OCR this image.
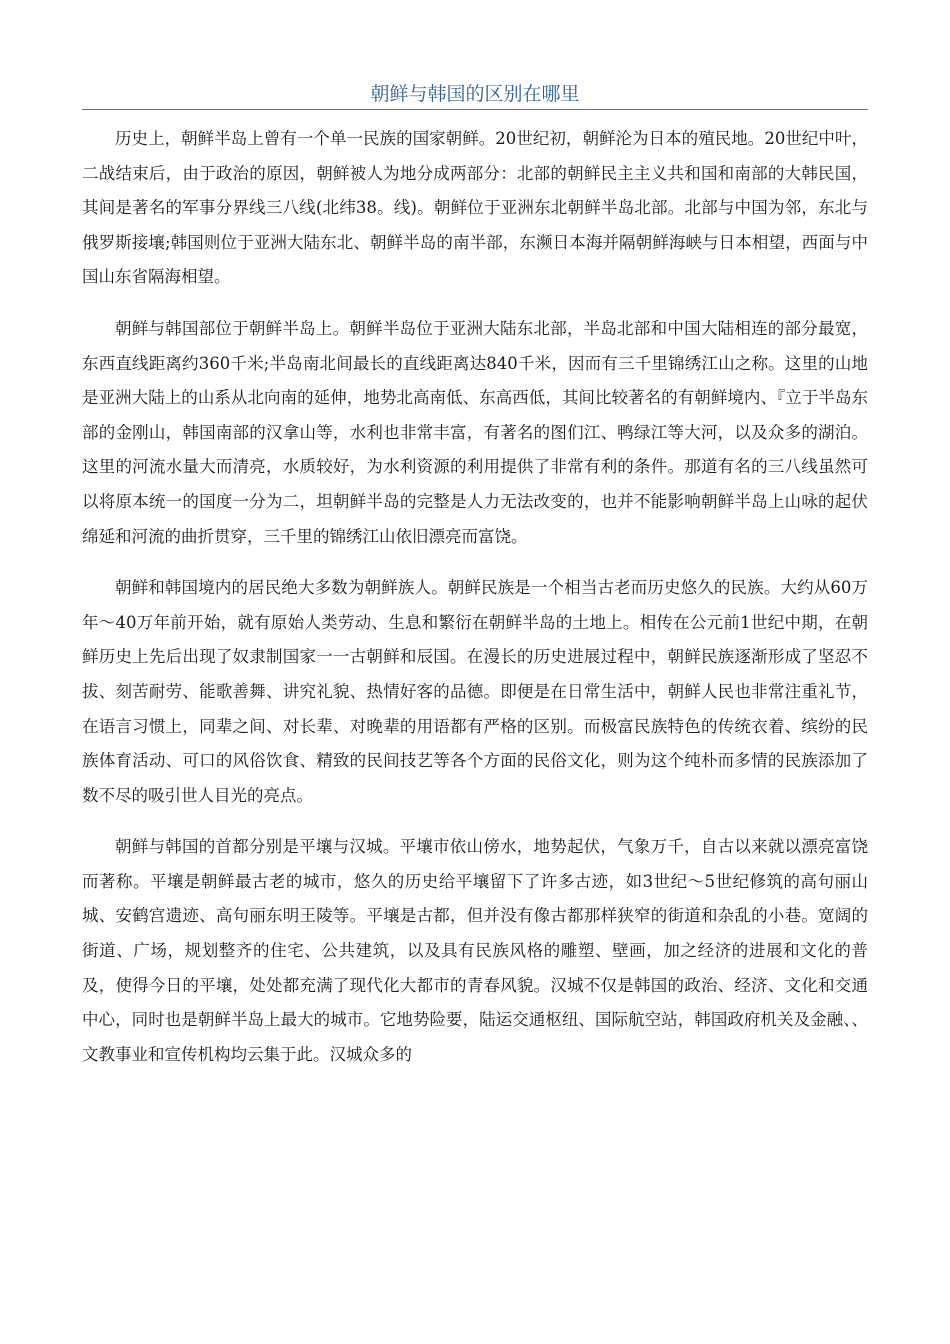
朝鲜与韩国的区别在哪里

历史上，朝鲜半岛上曾有一个单一民族的国家朝鲜。20世纪初，朝鲜沦为日本的殖民地。20世纪中叶，二战结束后，由于政治的原因，朝鲜被人为地分成两部分：北部的朝鲜民主主义共和国和南部的大韩民国，其间是著名的军事分界线三八线(北纬38。线)。朝鲜位于亚洲东北朝鲜半岛北部。北部与中国为邻，东北与俄罗斯接壤;韩国则位于亚洲大陆东北、朝鲜半岛的南半部，东濒日本海并隔朝鲜海峡与日本相望，西面与中国山东省隔海相望。

朝鲜与韩国部位于朝鲜半岛上。朝鲜半岛位于亚洲大陆东北部，半岛北部和中国大陆相连的部分最宽，东西直线距离约360千米;半岛南北间最长的直线距离达840千米，因而有三千里锦绣江山之称。这里的山地是亚洲大陆上的山系从北向南的延伸，地势北高南低、东高西低，其间比较著名的有朝鲜境内、『立于半岛东部的金刚山，韩国南部的汉拿山等，水利也非常丰富，有著名的图们江、鸭绿江等大河，以及众多的湖泊。这里的河流水量大而清亮，水质较好，为水利资源的利用提供了非常有利的条件。那道有名的三八线虽然可以将原本统一的国度一分为二，坦朝鲜半岛的完整是人力无法改变的，也并不能影响朝鲜半岛上山咏的起伏绵延和河流的曲折贯穿，三千里的锦绣江山依旧漂亮而富饶。

朝鲜和韩国境内的居民绝大多数为朝鲜族人。朝鲜民族是一个相当古老而历史悠久的民族。大约从60万年～40万年前开始，就有原始人类劳动、生息和繁衍在朝鲜半岛的土地上。相传在公元前1世纪中期，在朝鲜历史上先后出现了奴隶制国家一一古朝鲜和辰国。在漫长的历史进展过程中，朝鲜民族逐渐形成了坚忍不拔、刻苦耐劳、能歌善舞、讲究礼貌、热情好客的品德。即便是在日常生活中，朝鲜人民也非常注重礼节，在语言习惯上，同辈之间、对长辈、对晚辈的用语都有严格的区别。而极富民族特色的传统衣着、缤纷的民族体育活动、可口的风俗饮食、精致的民间技艺等各个方面的民俗文化，则为这个纯朴而多情的民族添加了数不尽的吸引世人目光的亮点。

朝鲜与韩国的首都分别是平壤与汉城。平壤市依山傍水，地势起伏，气象万千，自古以来就以漂亮富饶而著称。平壤是朝鲜最古老的城市，悠久的历史给平壤留下了许多古迹，如3世纪～5世纪修筑的高句丽山城、安鹤宫遗迹、高句丽东明王陵等。平壤是古都，但并没有像古都那样狭窄的街道和杂乱的小巷。宽阔的街道、广场，规划整齐的住宅、公共建筑，以及具有民族风格的雕塑、壁画，加之经济的进展和文化的普及，使得今日的平壤，处处都充满了现代化大都市的青春风貌。汉城不仅是韩国的政治、经济、文化和交通中心，同时也是朝鲜半岛上最大的城市。它地势险要，陆运交通枢纽、国际航空站，韩国政府机关及金融、、文教事业和宣传机构均云集于此。汉城众多的
